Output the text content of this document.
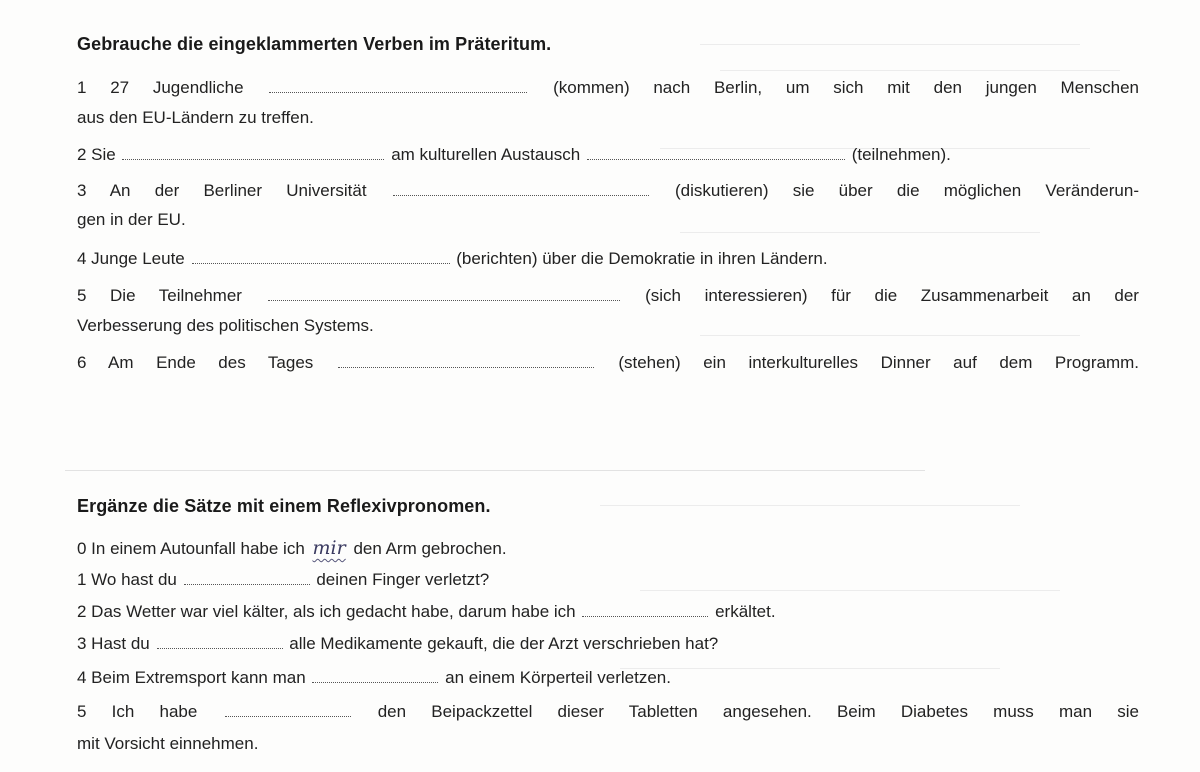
Gebrauche die eingeklammerten Verben im Präteritum.
1 27 Jugendliche	(kommen) nach Berlin, um sich mit den jungen Menschen
aus den EU-Ländern zu treffen.
2 Sie	am kulturellen Austausch	(teilnehmen).
3 An der Berliner Universität	(diskutieren) sie über die möglichen Veränderun-
gen in der EU.
4 Junge Leute	(berichten) über die Demokratie in ihren Ländern.
5 Die Teilnehmer	(sich interessieren) für die Zusammenarbeit an der
Verbesserung des politischen Systems.
6 Am Ende des Tages	(stehen) ein interkulturelles Dinner auf dem Programm.
Ergänze die Sätze mit einem Reflexivpronomen.
0 In einem Autounfall habe ich mir den Arm gebrochen.
1 Wo hast du	deinen Finger verletzt?
2 Das Wetter war viel kälter, als ich gedacht habe, darum habe ich	erkältet.
3 Hast du	alle Medikamente gekauft, die der Arzt verschrieben hat?
4 Beim Extremsport kann man	an einem Körperteil verletzen.
5 Ich habe	den Beipackzettel dieser Tabletten angesehen. Beim Diabetes muss man sie
mit Vorsicht einnehmen.
